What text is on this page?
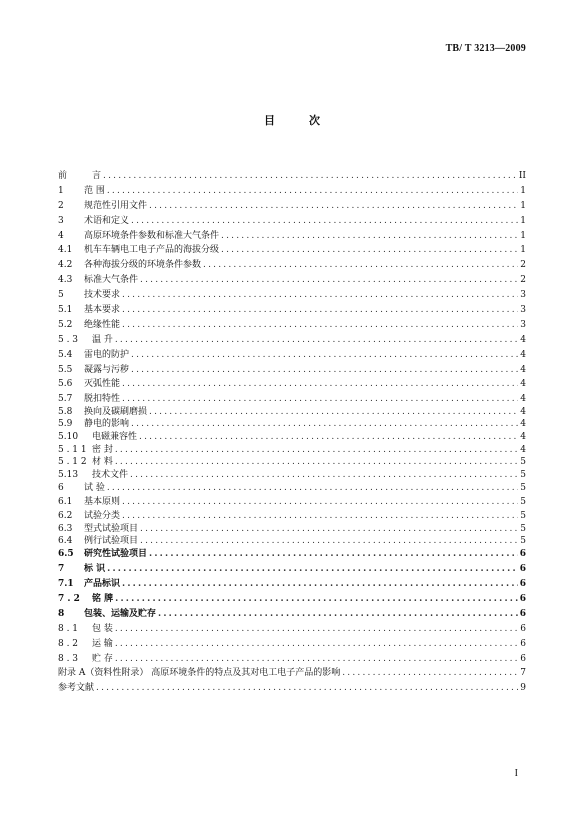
TB/ T 3213—2009
目	次
前	言 .....	II
1	范 围 .....	1
2	规范性引用文件 .....	1
3	术语和定义 .....	1
4	高原环境条件参数和标准大气条件 .....	1
4.1	机车车辆电工电子产品的海拔分级 .....	1
4.2	各种海拔分级的环境条件参数 .....	2
4.3	标准大气条件 .....	2
5	技术要求 .....	3
5.1	基本要求 .....	3
5.2	绝缘性能 .....	3
5 . 3	温 升 .....	4
5.4	雷电的防护 .....	4
5.5	凝露与污秽 .....	4
5.6	灭弧性能 .....	4
5.7	脱扣特性 .....	4
5.8	换向及碳刷磨损 .....	4
5.9	静电的影响 .....	4
5.10	电磁兼容性 .....	4
5 . 1 1 密 封 .....	4
5 . 1 2 材 料 .....	5
5.13	技术文件 .....	5
6	试 验 .....	5
6.1	基本原则 .....	5
6.2	试验分类 .....	5
6.3	型式试验项目 .....	5
6.4	例行试验项目 .....	5
6.5	研究性试验项目 .....	6
7	标 识 .....	6
7.1	产品标识 .....	6
7 . 2	铭 牌 .....	6
8	包装、运输及贮存 .....	6
8 . 1	包 装 .....	6
8 . 2	运 输 .....	6
8 . 3	贮 存 .....	6
附录 A（资料性附录） 高原环境条件的特点及其对电工电子产品的影响 .....	7
参考文献 .....	9
I
